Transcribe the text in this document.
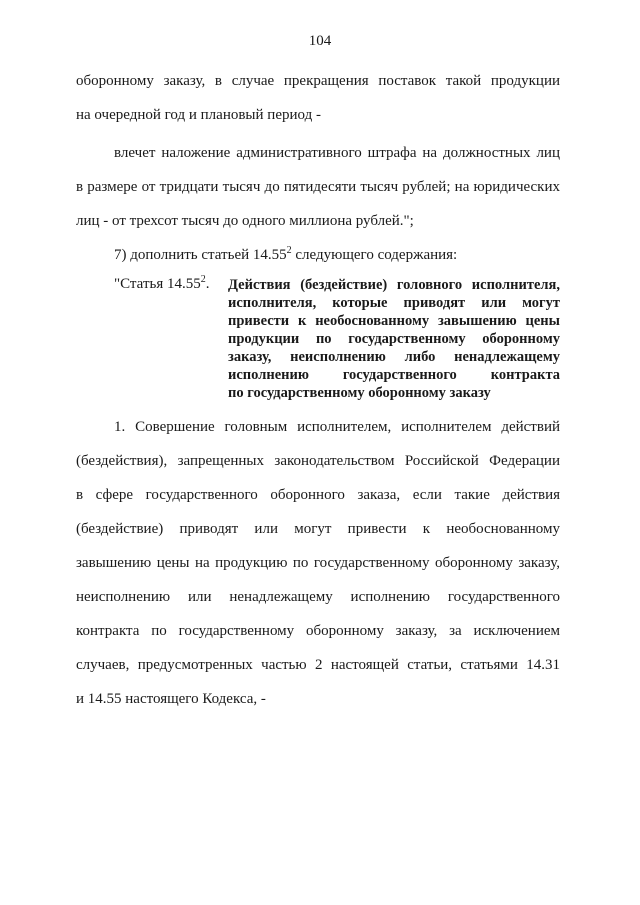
104
оборонному заказу, в случае прекращения поставок такой продукции
на очередной год и плановый период -
влечет наложение административного штрафа на должностных лиц
в размере от тридцати тысяч до пятидесяти тысяч рублей; на юридических
лиц - от трехсот тысяч до одного миллиона рублей.";
7) дополнить статьей 14.55$^2$ следующего содержания:
"Статья 14.55$^2$. Действия (бездействие) головного исполнителя,
исполнителя, которые приводят или могут
привести к необоснованному завышению цены
продукции по государственному оборонному
заказу, неисполнению либо ненадлежащему
исполнению государственного контракта
по государственному оборонному заказу
1. Совершение головным исполнителем, исполнителем действий
(бездействия), запрещенных законодательством Российской Федерации
в сфере государственного оборонного заказа, если такие действия
(бездействие) приводят или могут привести к необоснованному
завышению цены на продукцию по государственному оборонному заказу,
неисполнению или ненадлежащему исполнению государственного
контракта по государственному оборонному заказу, за исключением
случаев, предусмотренных частью 2 настоящей статьи, статьями 14.31
и 14.55 настоящего Кодекса, -
